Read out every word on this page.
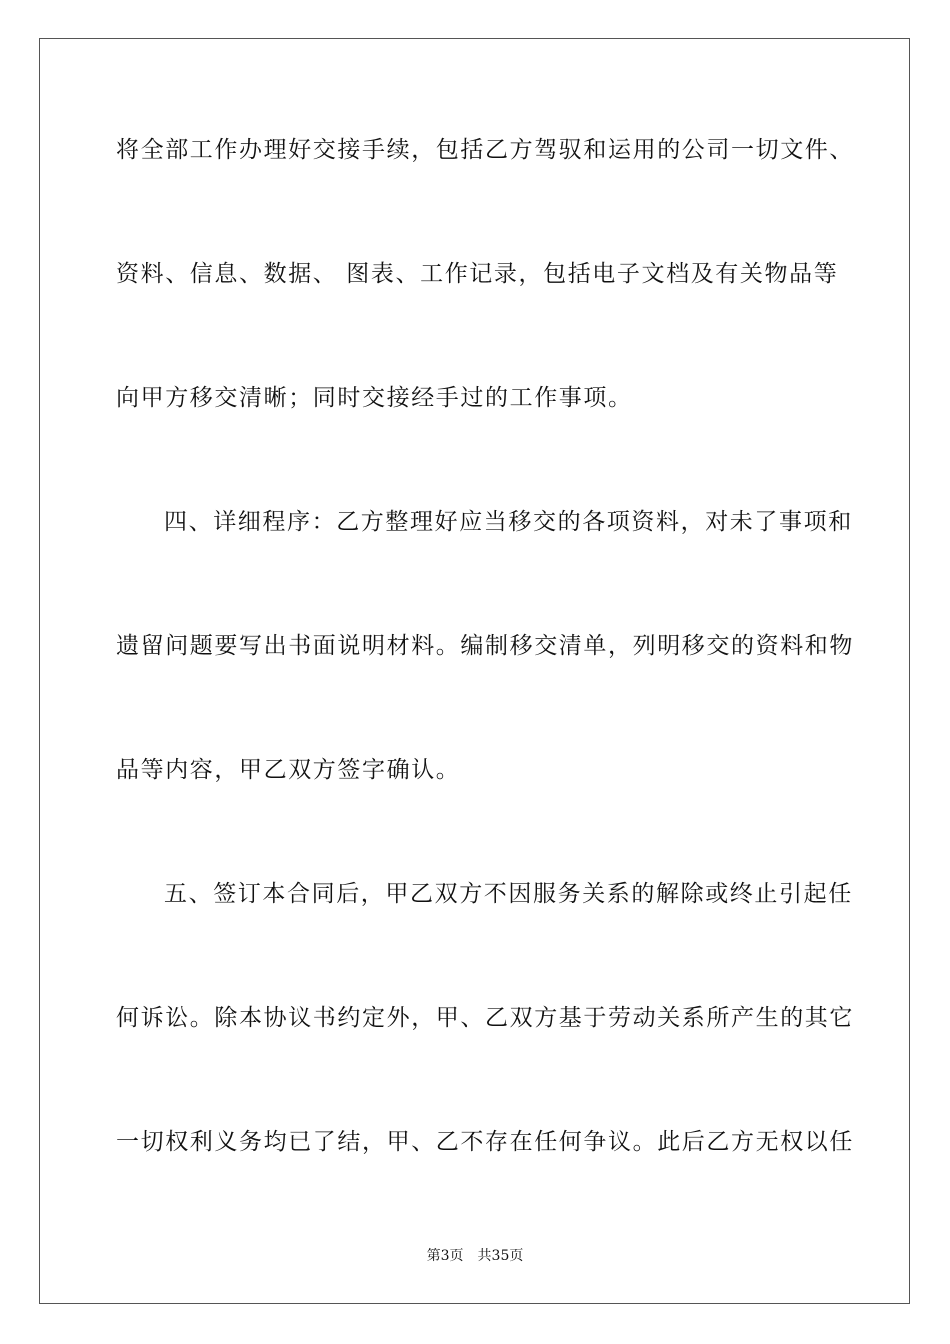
将全部工作办理好交接手续，包括乙方驾驭和运用的公司一切文件、
资料、信息、数据、 图表、工作记录，包括电子文档及有关物品等
向甲方移交清晰；同时交接经手过的工作事项。
四、详细程序：乙方整理好应当移交的各项资料，对未了事项和
遗留问题要写出书面说明材料。编制移交清单，列明移交的资料和物
品等内容，甲乙双方签字确认。
五、签订本合同后，甲乙双方不因服务关系的解除或终止引起任
何诉讼。除本协议书约定外，甲、乙双方基于劳动关系所产生的其它
一切权利义务均已了结，甲、乙不存在任何争议。此后乙方无权以任
第3页 共35页
